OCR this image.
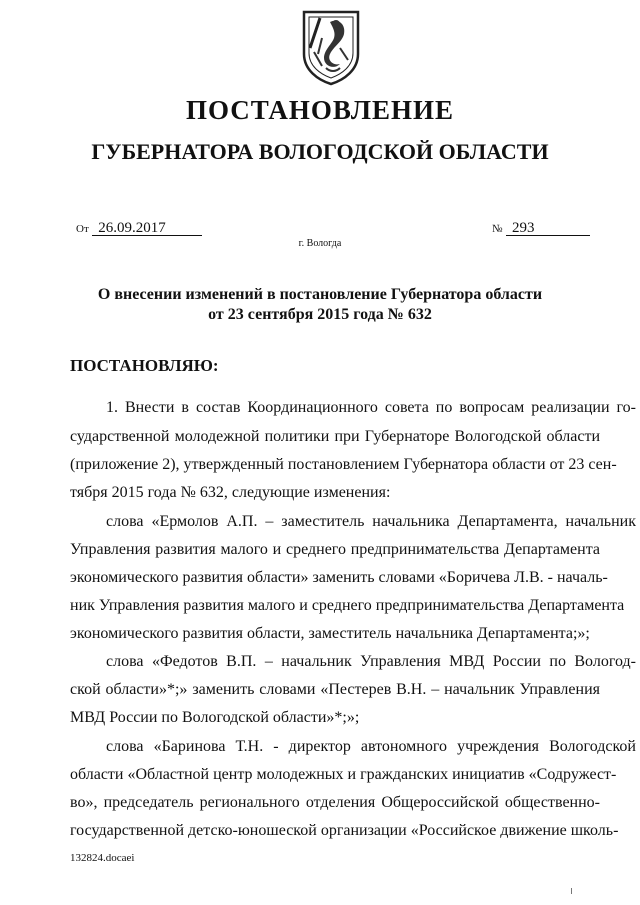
ПОСТАНОВЛЕНИЕ
ГУБЕРНАТОРА ВОЛОГОДСКОЙ ОБЛАСТИ
От 26.09.2017	№ 293
г. Вологда
О внесении изменений в постановление Губернатора области
от 23 сентября 2015 года № 632
ПОСТАНОВЛЯЮ:
1. Внести в состав Координационного совета по вопросам реализации го-
сударственной молодежной политики при Губернаторе Вологодской области
(приложение 2), утвержденный постановлением Губернатора области от 23 сен-
тября 2015 года № 632, следующие изменения:
слова «Ермолов А.П. – заместитель начальника Департамента, начальник
Управления развития малого и среднего предпринимательства Департамента
экономического развития области» заменить словами «Боричева Л.В. - началь-
ник Управления развития малого и среднего предпринимательства Департамента
экономического развития области, заместитель начальника Департамента;»;
слова «Федотов В.П. – начальник Управления МВД России по Вологод-
ской области»*;» заменить словами «Пестерев В.Н. – начальник Управления
МВД России по Вологодской области»*;»;
слова «Баринова Т.Н. - директор автономного учреждения Вологодской
области «Областной центр молодежных и гражданских инициатив «Содружест-
во», председатель регионального отделения Общероссийской общественно-
государственной детско-юношеской организации «Российское движение школь-
132824.docaei
